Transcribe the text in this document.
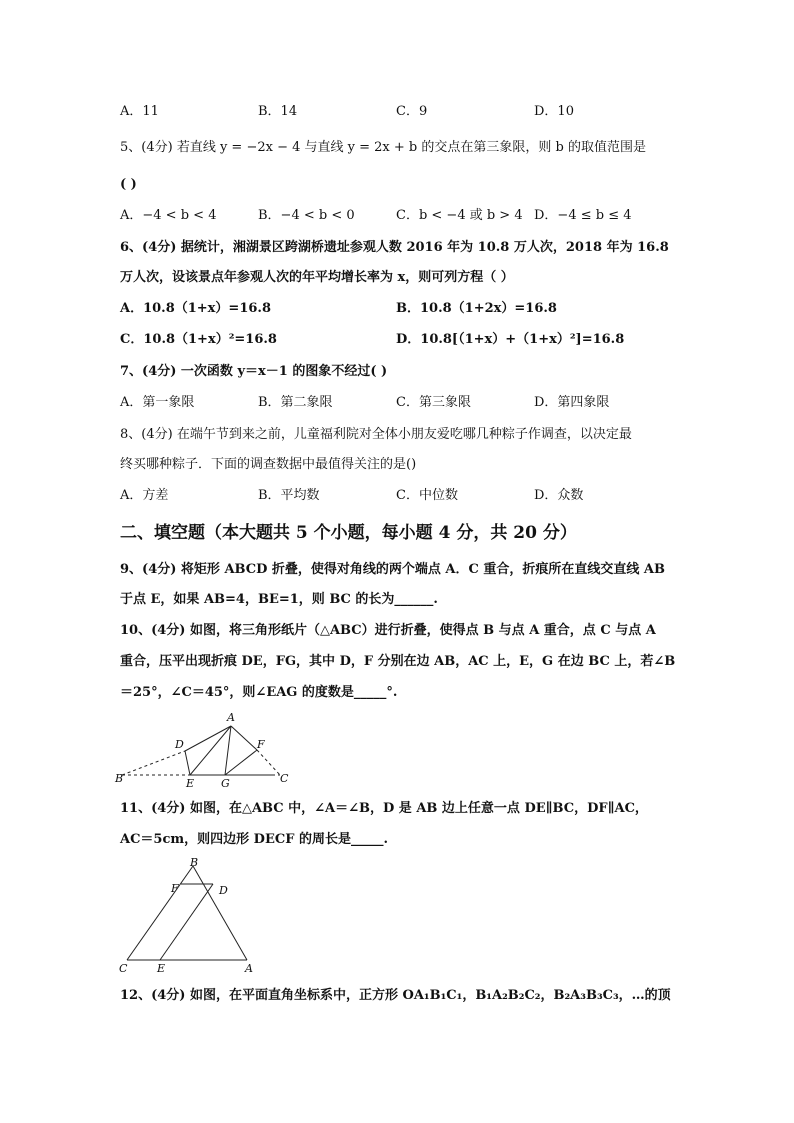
A．11	B．14	C．9	D．10
5、(4分) 若直线 y = −2x − 4 与直线 y = 2x + b 的交点在第三象限，则 b 的取值范围是
( )
A．−4 < b < 4	B．−4 < b < 0	C．b < −4 或 b > 4 D．−4 ≤ b ≤ 4
6、(4分) 据统计，湘湖景区跨湖桥遗址参观人数 2016 年为 10.8 万人次，2018 年为 16.8
万人次，设该景点年参观人次的年平均增长率为 x，则可列方程（ ）
A．10.8（1+x）=16.8	B．10.8（1+2x）=16.8
C．10.8（1+x）²=16.8	D．10.8[（1+x）+（1+x）²]=16.8
7、(4分) 一次函数 y＝x－1 的图象不经过( )
A．第一象限	B．第二象限	C．第三象限	D．第四象限
8、(4分) 在端午节到来之前，儿童福利院对全体小朋友爱吃哪几种粽子作调查，以决定最
终买哪种粽子．下面的调查数据中最值得关注的是()
A．方差	B．平均数	C．中位数	D．众数
二、填空题（本大题共 5 个小题，每小题 4 分，共 20 分）
9、(4分) 将矩形 ABCD 折叠，使得对角线的两个端点 A．C 重合，折痕所在直线交直线 AB
于点 E，如果 AB=4，BE=1，则 BC 的长为______.
10、(4分) 如图，将三角形纸片（△ABC）进行折叠，使得点 B 与点 A 重合，点 C 与点 A
重合，压平出现折痕 DE，FG，其中 D，F 分别在边 AB，AC 上，E，G 在边 BC 上，若∠B
＝25°，∠C＝45°，则∠EAG 的度数是_____°.
A
D	F
B	E G	C
11、(4分) 如图，在△ABC 中，∠A＝∠B，D 是 AB 边上任意一点 DE∥BC，DF∥AC，
AC＝5cm，则四边形 DECF 的周长是_____.
B
F	D
C	E	A
12、(4分) 如图，在平面直角坐标系中，正方形 OA₁B₁C₁，B₁A₂B₂C₂，B₂A₃B₃C₃，…的顶
